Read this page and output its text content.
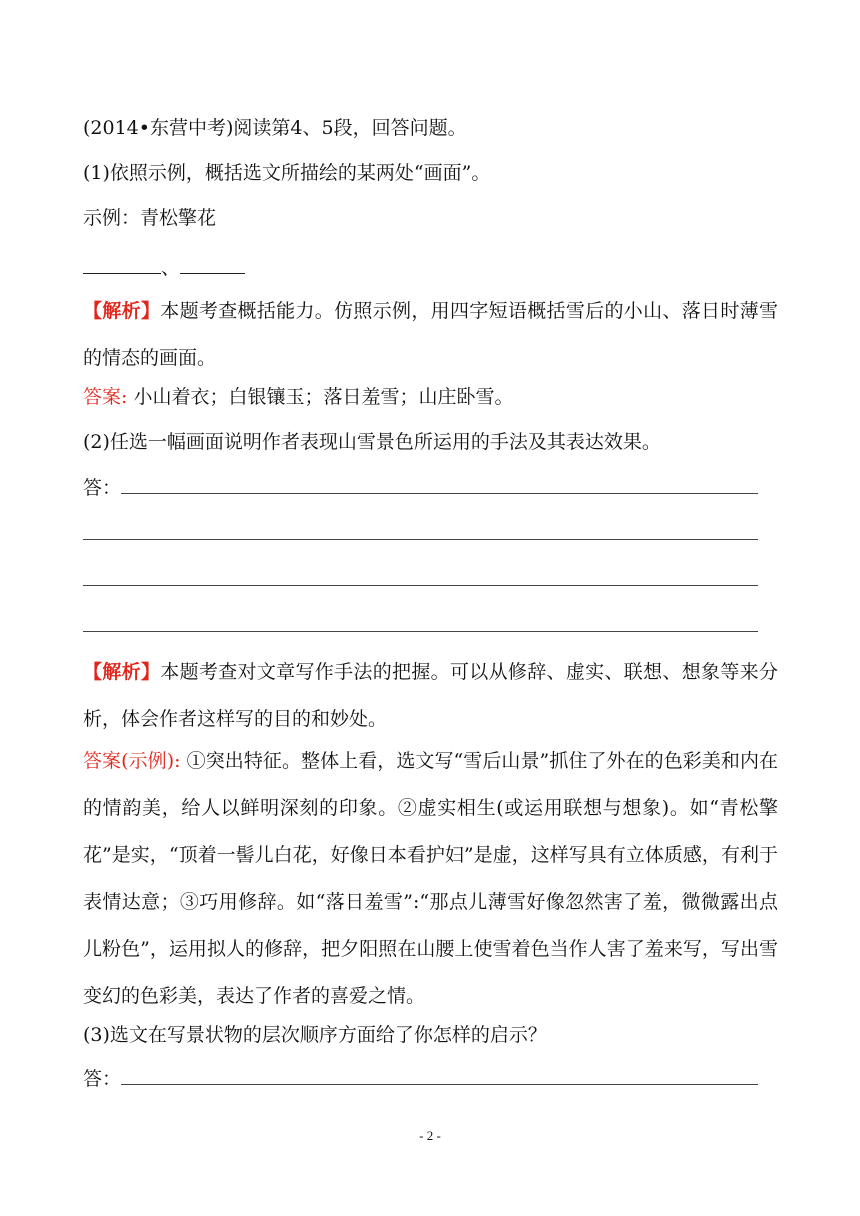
(2014•东营中考)阅读第4、5段，回答问题。
(1)依照示例，概括选文所描绘的某两处“画面”。
示例：青松擎花
、
【解析】本题考查概括能力。仿照示例，用四字短语概括雪后的小山、落日时薄雪的情态的画面。
答案: 小山着衣；白银镶玉；落日羞雪；山庄卧雪。
(2)任选一幅画面说明作者表现山雪景色所运用的手法及其表达效果。
答：
【解析】本题考查对文章写作手法的把握。可以从修辞、虚实、联想、想象等来分析，体会作者这样写的目的和妙处。
答案(示例): ①突出特征。整体上看，选文写“雪后山景”抓住了外在的色彩美和内在的情韵美，给人以鲜明深刻的印象。②虚实相生(或运用联想与想象)。如“青松擎花”是实，“顶着一髻儿白花，好像日本看护妇”是虚，这样写具有立体质感，有利于表情达意；③巧用修辞。如“落日羞雪”:“那点儿薄雪好像忽然害了羞，微微露出点儿粉色”，运用拟人的修辞，把夕阳照在山腰上使雪着色当作人害了羞来写，写出雪变幻的色彩美，表达了作者的喜爱之情。
(3)选文在写景状物的层次顺序方面给了你怎样的启示？
答：
- 2 -
